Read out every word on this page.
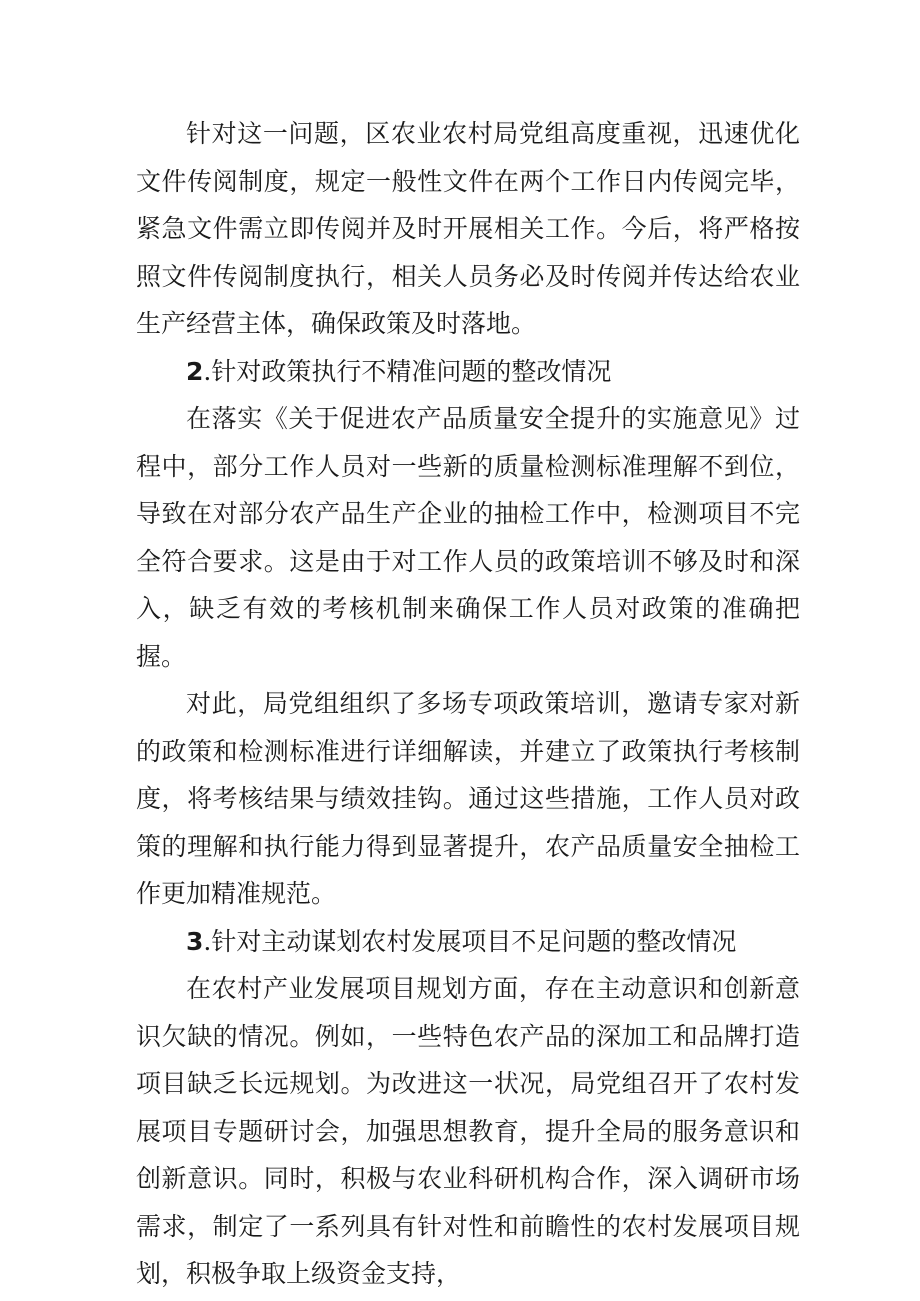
针对这一问题，区农业农村局党组高度重视，迅速优化文件传阅制度，规定一般性文件在两个工作日内传阅完毕，紧急文件需立即传阅并及时开展相关工作。今后，将严格按照文件传阅制度执行，相关人员务必及时传阅并传达给农业生产经营主体，确保政策及时落地。

2.针对政策执行不精准问题的整改情况

在落实《关于促进农产品质量安全提升的实施意见》过程中，部分工作人员对一些新的质量检测标准理解不到位，导致在对部分农产品生产企业的抽检工作中，检测项目不完全符合要求。这是由于对工作人员的政策培训不够及时和深入，缺乏有效的考核机制来确保工作人员对政策的准确把握。

对此，局党组组织了多场专项政策培训，邀请专家对新的政策和检测标准进行详细解读，并建立了政策执行考核制度，将考核结果与绩效挂钩。通过这些措施，工作人员对政策的理解和执行能力得到显著提升，农产品质量安全抽检工作更加精准规范。

3.针对主动谋划农村发展项目不足问题的整改情况

在农村产业发展项目规划方面，存在主动意识和创新意识欠缺的情况。例如，一些特色农产品的深加工和品牌打造项目缺乏长远规划。为改进这一状况，局党组召开了农村发展项目专题研讨会，加强思想教育，提升全局的服务意识和创新意识。同时，积极与农业科研机构合作，深入调研市场需求，制定了一系列具有针对性和前瞻性的农村发展项目规划，积极争取上级资金支持，
